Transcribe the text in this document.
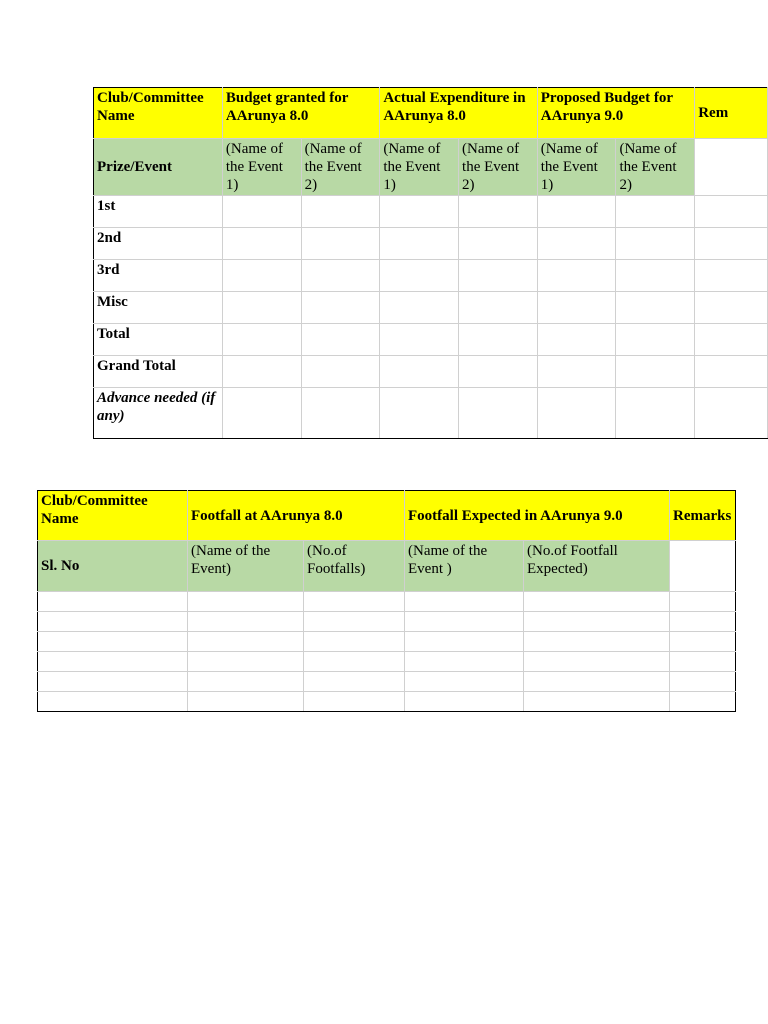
Club/Committee Name	Budget granted for AArunya 8.0		Actual Expenditure in AArunya 8.0		Proposed Budget for AArunya 9.0		Rem
Prize/Event	(Name of the Event 1)	(Name of the Event 2)	(Name of the Event 1)	(Name of the Event 2)	(Name of the Event 1)	(Name of the Event 2)	
1st							
2nd							
3rd							
Misc							
Total							
Grand Total							
Advance needed (if any)							
Club/Committee Name	Footfall at AArunya 8.0		Footfall Expected in AArunya 9.0		Remarks
Sl. No	(Name of the Event)	(No.of Footfalls)	(Name of the Event )	(No.of Footfall Expected)	
